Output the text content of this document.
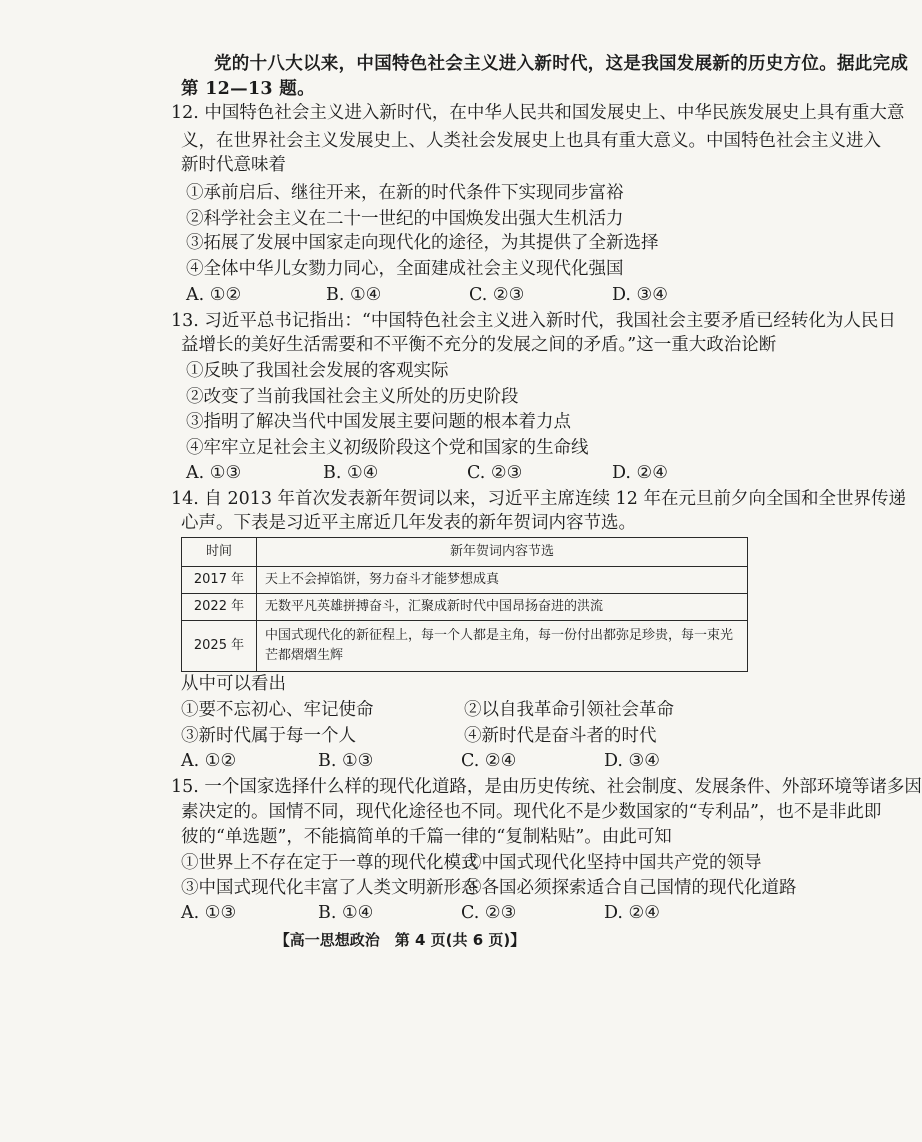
党的十八大以来，中国特色社会主义进入新时代，这是我国发展新的历史方位。据此完成
第 12—13 题。
12. 中国特色社会主义进入新时代，在中华人民共和国发展史上、中华民族发展史上具有重大意
义，在世界社会主义发展史上、人类社会发展史上也具有重大意义。中国特色社会主义进入
新时代意味着
①承前启后、继往开来，在新的时代条件下实现同步富裕
②科学社会主义在二十一世纪的中国焕发出强大生机活力
③拓展了发展中国家走向现代化的途径，为其提供了全新选择
④全体中华儿女勠力同心，全面建成社会主义现代化强国
A. ①②	B. ①④	C. ②③	D. ③④
13. 习近平总书记指出：“中国特色社会主义进入新时代，我国社会主要矛盾已经转化为人民日
益增长的美好生活需要和不平衡不充分的发展之间的矛盾。”这一重大政治论断
①反映了我国社会发展的客观实际
②改变了当前我国社会主义所处的历史阶段
③指明了解决当代中国发展主要问题的根本着力点
④牢牢立足社会主义初级阶段这个党和国家的生命线
A. ①③	B. ①④	C. ②③	D. ②④
14. 自 2013 年首次发表新年贺词以来，习近平主席连续 12 年在元旦前夕向全国和全世界传递
心声。下表是习近平主席近几年发表的新年贺词内容节选。
时间	新年贺词内容节选
2017 年	天上不会掉馅饼，努力奋斗才能梦想成真
2022 年	无数平凡英雄拼搏奋斗，汇聚成新时代中国昂扬奋进的洪流
2025 年	中国式现代化的新征程上，每一个人都是主角，每一份付出都弥足珍贵，每一束光芒都熠熠生辉
从中可以看出
①要不忘初心、牢记使命	②以自我革命引领社会革命
③新时代属于每一个人	④新时代是奋斗者的时代
A. ①②	B. ①③	C. ②④	D. ③④
15. 一个国家选择什么样的现代化道路，是由历史传统、社会制度、发展条件、外部环境等诸多因
素决定的。国情不同，现代化途径也不同。现代化不是少数国家的“专利品”，也不是非此即
彼的“单选题”，不能搞简单的千篇一律的“复制粘贴”。由此可知
①世界上不存在定于一尊的现代化模式
②中国式现代化坚持中国共产党的领导
③中国式现代化丰富了人类文明新形态
④各国必须探索适合自己国情的现代化道路
A. ①③	B. ①④	C. ②③	D. ②④
【高一思想政治　第 4 页(共 6 页)】
